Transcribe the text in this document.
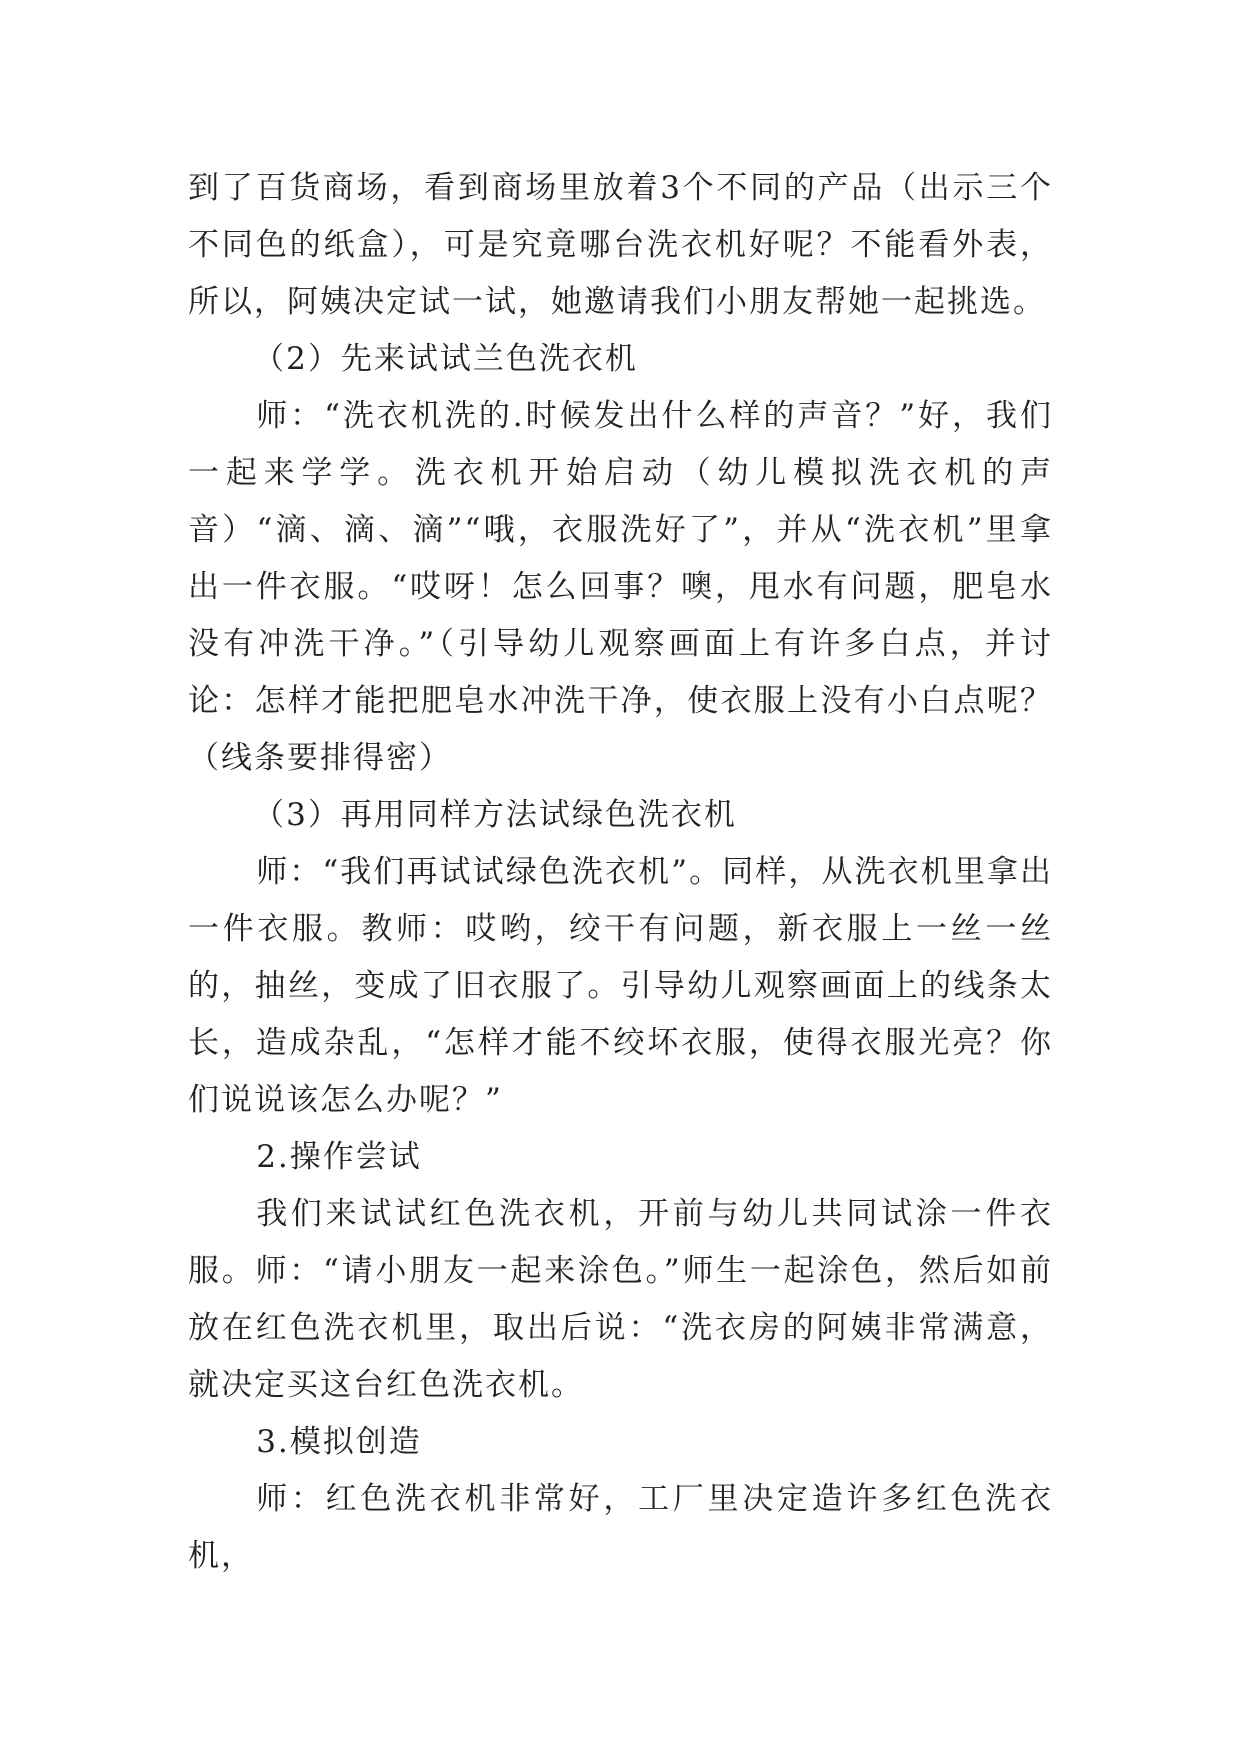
到了百货商场，看到商场里放着3个不同的产品（出示三个不同色的纸盒），可是究竟哪台洗衣机好呢？不能看外表，所以，阿姨决定试一试，她邀请我们小朋友帮她一起挑选。

（2）先来试试兰色洗衣机

师：“洗衣机洗的.时候发出什么样的声音？”好，我们一起来学学。洗衣机开始启动（幼儿模拟洗衣机的声音）“滴、滴、滴”“哦，衣服洗好了”，并从“洗衣机”里拿出一件衣服。“哎呀！怎么回事？噢，甩水有问题，肥皂水没有冲洗干净。”（引导幼儿观察画面上有许多白点，并讨论：怎样才能把肥皂水冲洗干净，使衣服上没有小白点呢？（线条要排得密）

（3）再用同样方法试绿色洗衣机

师：“我们再试试绿色洗衣机”。同样，从洗衣机里拿出一件衣服。教师：哎哟，绞干有问题，新衣服上一丝一丝的，抽丝，变成了旧衣服了。引导幼儿观察画面上的线条太长，造成杂乱，“怎样才能不绞坏衣服，使得衣服光亮？你们说说该怎么办呢？”

2.操作尝试

我们来试试红色洗衣机，开前与幼儿共同试涂一件衣服。师：“请小朋友一起来涂色。”师生一起涂色，然后如前放在红色洗衣机里，取出后说：“洗衣房的阿姨非常满意，就决定买这台红色洗衣机。

3.模拟创造

师：红色洗衣机非常好，工厂里决定造许多红色洗衣机，
